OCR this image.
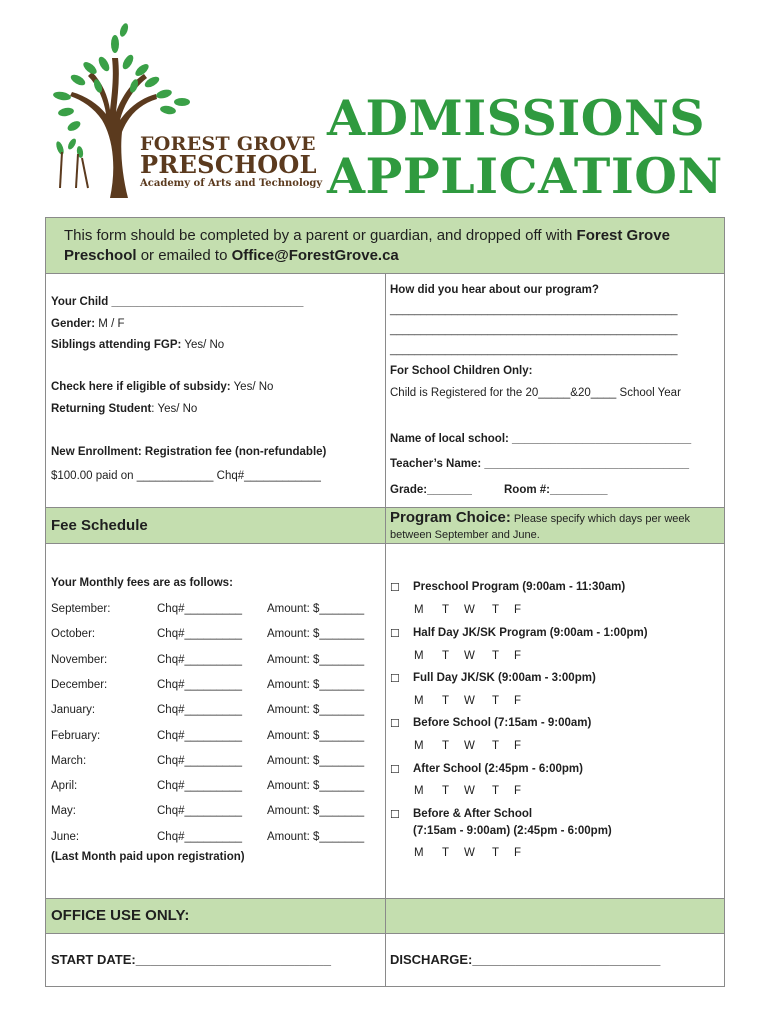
FOREST GROVE
PRESCHOOL
Academy of Arts and Technology
ADMISSIONS
APPLICATION
This form should be completed by a parent or guardian, and dropped off with Forest Grove Preschool or emailed to Office@ForestGrove.ca
Your Child ______________________________
Gender: M / F
Siblings attending FGP: Yes/ No
Check here if eligible of subsidy: Yes/ No
Returning Student: Yes/ No
New Enrollment: Registration fee (non-refundable)
$100.00 paid on ____________ Chq#____________
How did you hear about our program?
_______________________________________________
_______________________________________________
_______________________________________________
For School Children Only:
Child is Registered for the 20_____&20____ School Year
Name of local school: ____________________________
Teacher’s Name: ________________________________
Grade:_______	Room #:_________
Fee Schedule	Program Choice: Please specify which days per week between September and June.
Your Monthly fees are as follows:
September:	Chq#_________ Amount: $_______
October:	Chq#_________ Amount: $_______
November:	Chq#_________ Amount: $_______
December:	Chq#_________ Amount: $_______
January:	Chq#_________ Amount: $_______
February:	Chq#_________ Amount: $_______
March:	Chq#_________ Amount: $_______
April:	Chq#_________ Amount: $_______
May:	Chq#_________ Amount: $_______
June:	Chq#_________ Amount: $_______
(Last Month paid upon registration)
☐ Preschool Program (9:00am - 11:30am)
M T W T F
☐ Half Day JK/SK Program (9:00am - 1:00pm)
M T W T F
☐ Full Day JK/SK (9:00am - 3:00pm)
M T W T F
☐ Before School (7:15am - 9:00am)
M T W T F
☐ After School (2:45pm - 6:00pm)
M T W T F
☐ Before & After School
(7:15am - 9:00am) (2:45pm - 6:00pm)
M T W T F
OFFICE USE ONLY:
START DATE:___________________________	DISCHARGE:__________________________
